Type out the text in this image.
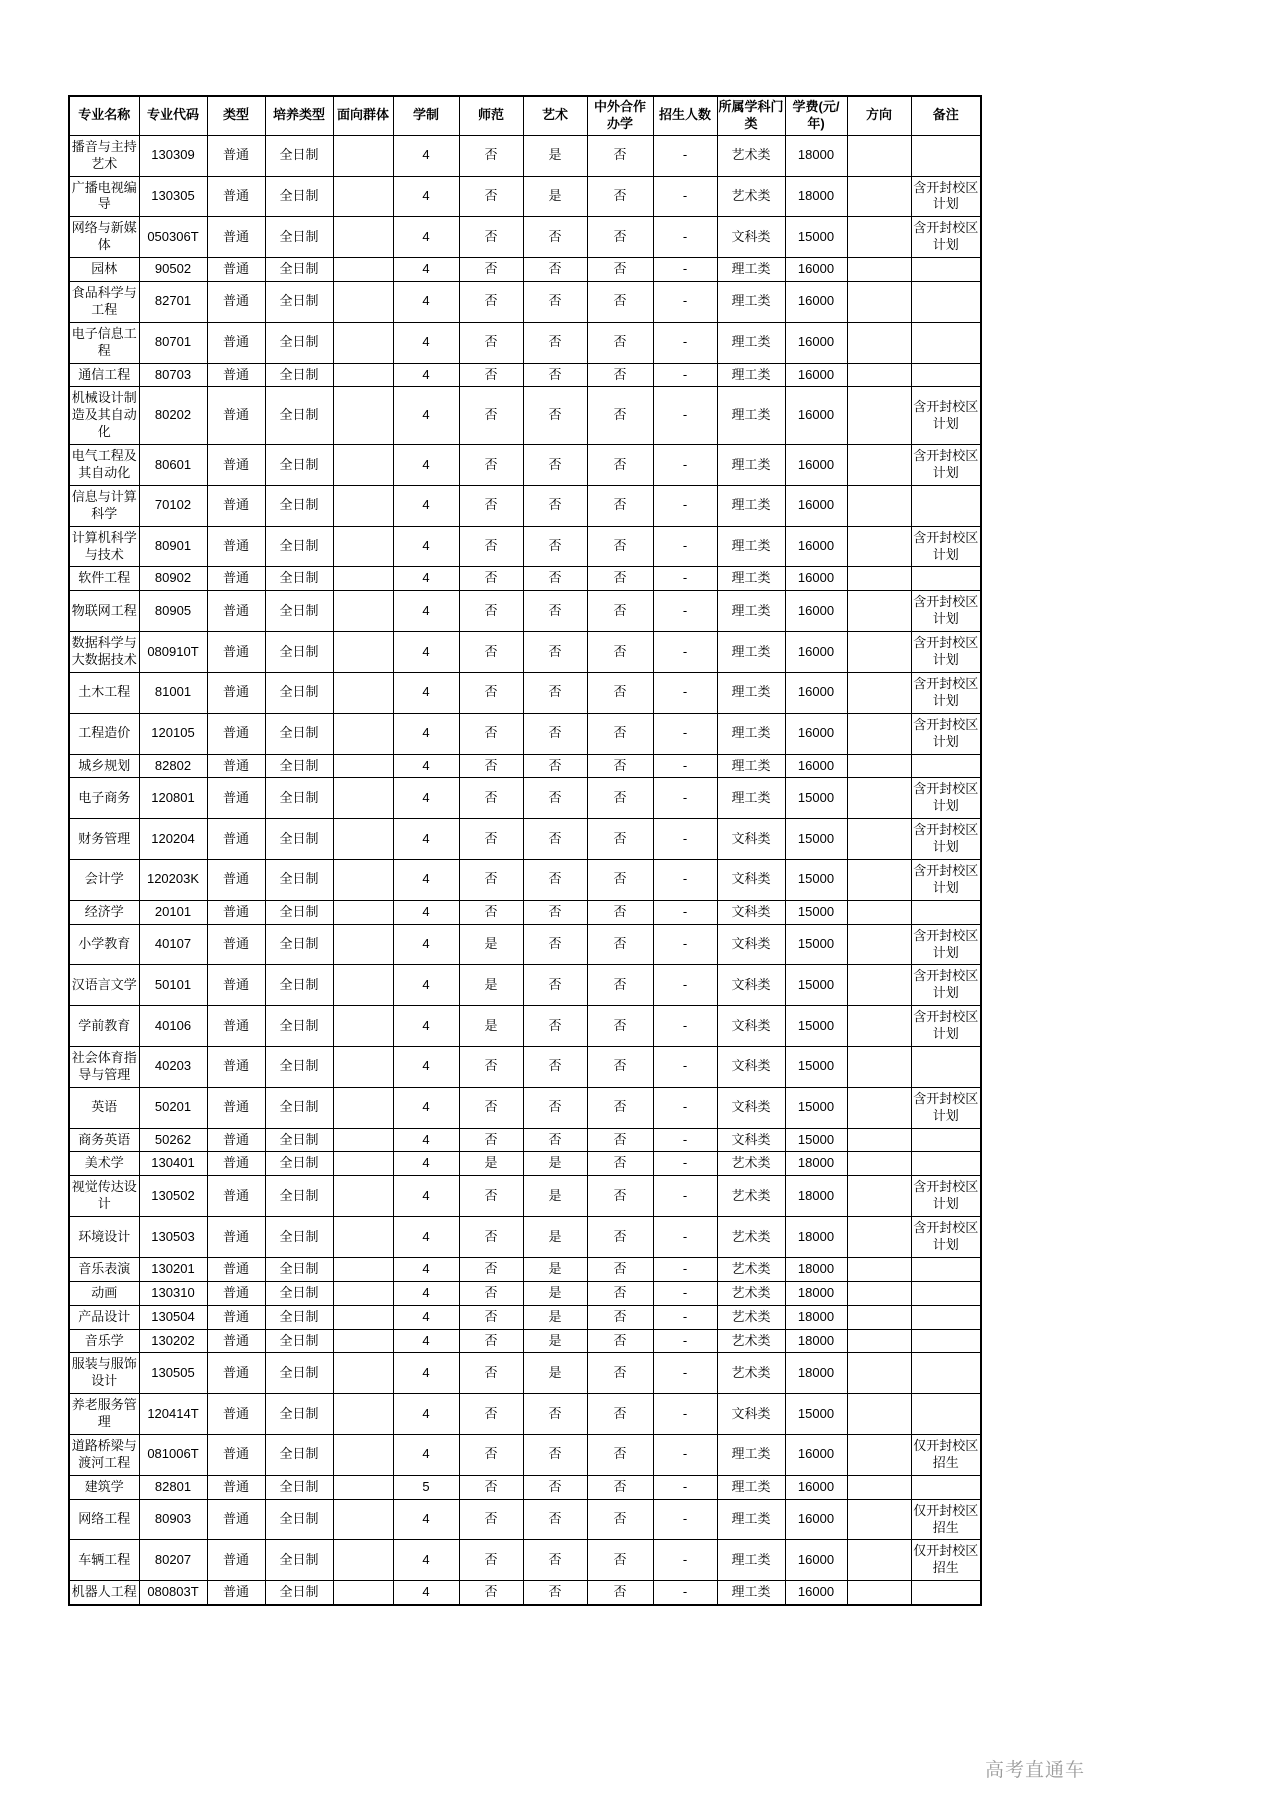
专业名称	专业代码	类型	培养类型	面向群体	学制	师范	艺术	中外合作办学	招生人数	所属学科门类	学费(元/年)	方向	备注
播音与主持艺术	130309	普通	全日制		4	否	是	否	-	艺术类	18000		
广播电视编导	130305	普通	全日制		4	否	是	否	-	艺术类	18000		含开封校区计划
网络与新媒体	050306T	普通	全日制		4	否	否	否	-	文科类	15000		含开封校区计划
园林	90502	普通	全日制		4	否	否	否	-	理工类	16000		
食品科学与工程	82701	普通	全日制		4	否	否	否	-	理工类	16000		
电子信息工程	80701	普通	全日制		4	否	否	否	-	理工类	16000		
通信工程	80703	普通	全日制		4	否	否	否	-	理工类	16000		
机械设计制造及其自动化	80202	普通	全日制		4	否	否	否	-	理工类	16000		含开封校区计划
电气工程及其自动化	80601	普通	全日制		4	否	否	否	-	理工类	16000		含开封校区计划
信息与计算科学	70102	普通	全日制		4	否	否	否	-	理工类	16000		
计算机科学与技术	80901	普通	全日制		4	否	否	否	-	理工类	16000		含开封校区计划
软件工程	80902	普通	全日制		4	否	否	否	-	理工类	16000		
物联网工程	80905	普通	全日制		4	否	否	否	-	理工类	16000		含开封校区计划
数据科学与大数据技术	080910T	普通	全日制		4	否	否	否	-	理工类	16000		含开封校区计划
土木工程	81001	普通	全日制		4	否	否	否	-	理工类	16000		含开封校区计划
工程造价	120105	普通	全日制		4	否	否	否	-	理工类	16000		含开封校区计划
城乡规划	82802	普通	全日制		4	否	否	否	-	理工类	16000		
电子商务	120801	普通	全日制		4	否	否	否	-	理工类	15000		含开封校区计划
财务管理	120204	普通	全日制		4	否	否	否	-	文科类	15000		含开封校区计划
会计学	120203K	普通	全日制		4	否	否	否	-	文科类	15000		含开封校区计划
经济学	20101	普通	全日制		4	否	否	否	-	文科类	15000		
小学教育	40107	普通	全日制		4	是	否	否	-	文科类	15000		含开封校区计划
汉语言文学	50101	普通	全日制		4	是	否	否	-	文科类	15000		含开封校区计划
学前教育	40106	普通	全日制		4	是	否	否	-	文科类	15000		含开封校区计划
社会体育指导与管理	40203	普通	全日制		4	否	否	否	-	文科类	15000		
英语	50201	普通	全日制		4	否	否	否	-	文科类	15000		含开封校区计划
商务英语	50262	普通	全日制		4	否	否	否	-	文科类	15000		
美术学	130401	普通	全日制		4	是	是	否	-	艺术类	18000		
视觉传达设计	130502	普通	全日制		4	否	是	否	-	艺术类	18000		含开封校区计划
环境设计	130503	普通	全日制		4	否	是	否	-	艺术类	18000		含开封校区计划
音乐表演	130201	普通	全日制		4	否	是	否	-	艺术类	18000		
动画	130310	普通	全日制		4	否	是	否	-	艺术类	18000		
产品设计	130504	普通	全日制		4	否	是	否	-	艺术类	18000		
音乐学	130202	普通	全日制		4	否	是	否	-	艺术类	18000		
服装与服饰设计	130505	普通	全日制		4	否	是	否	-	艺术类	18000		
养老服务管理	120414T	普通	全日制		4	否	否	否	-	文科类	15000		
道路桥梁与渡河工程	081006T	普通	全日制		4	否	否	否	-	理工类	16000		仅开封校区招生
建筑学	82801	普通	全日制		5	否	否	否	-	理工类	16000		
网络工程	80903	普通	全日制		4	否	否	否	-	理工类	16000		仅开封校区招生
车辆工程	80207	普通	全日制		4	否	否	否	-	理工类	16000		仅开封校区招生
机器人工程	080803T	普通	全日制		4	否	否	否	-	理工类	16000		
高考直通车
